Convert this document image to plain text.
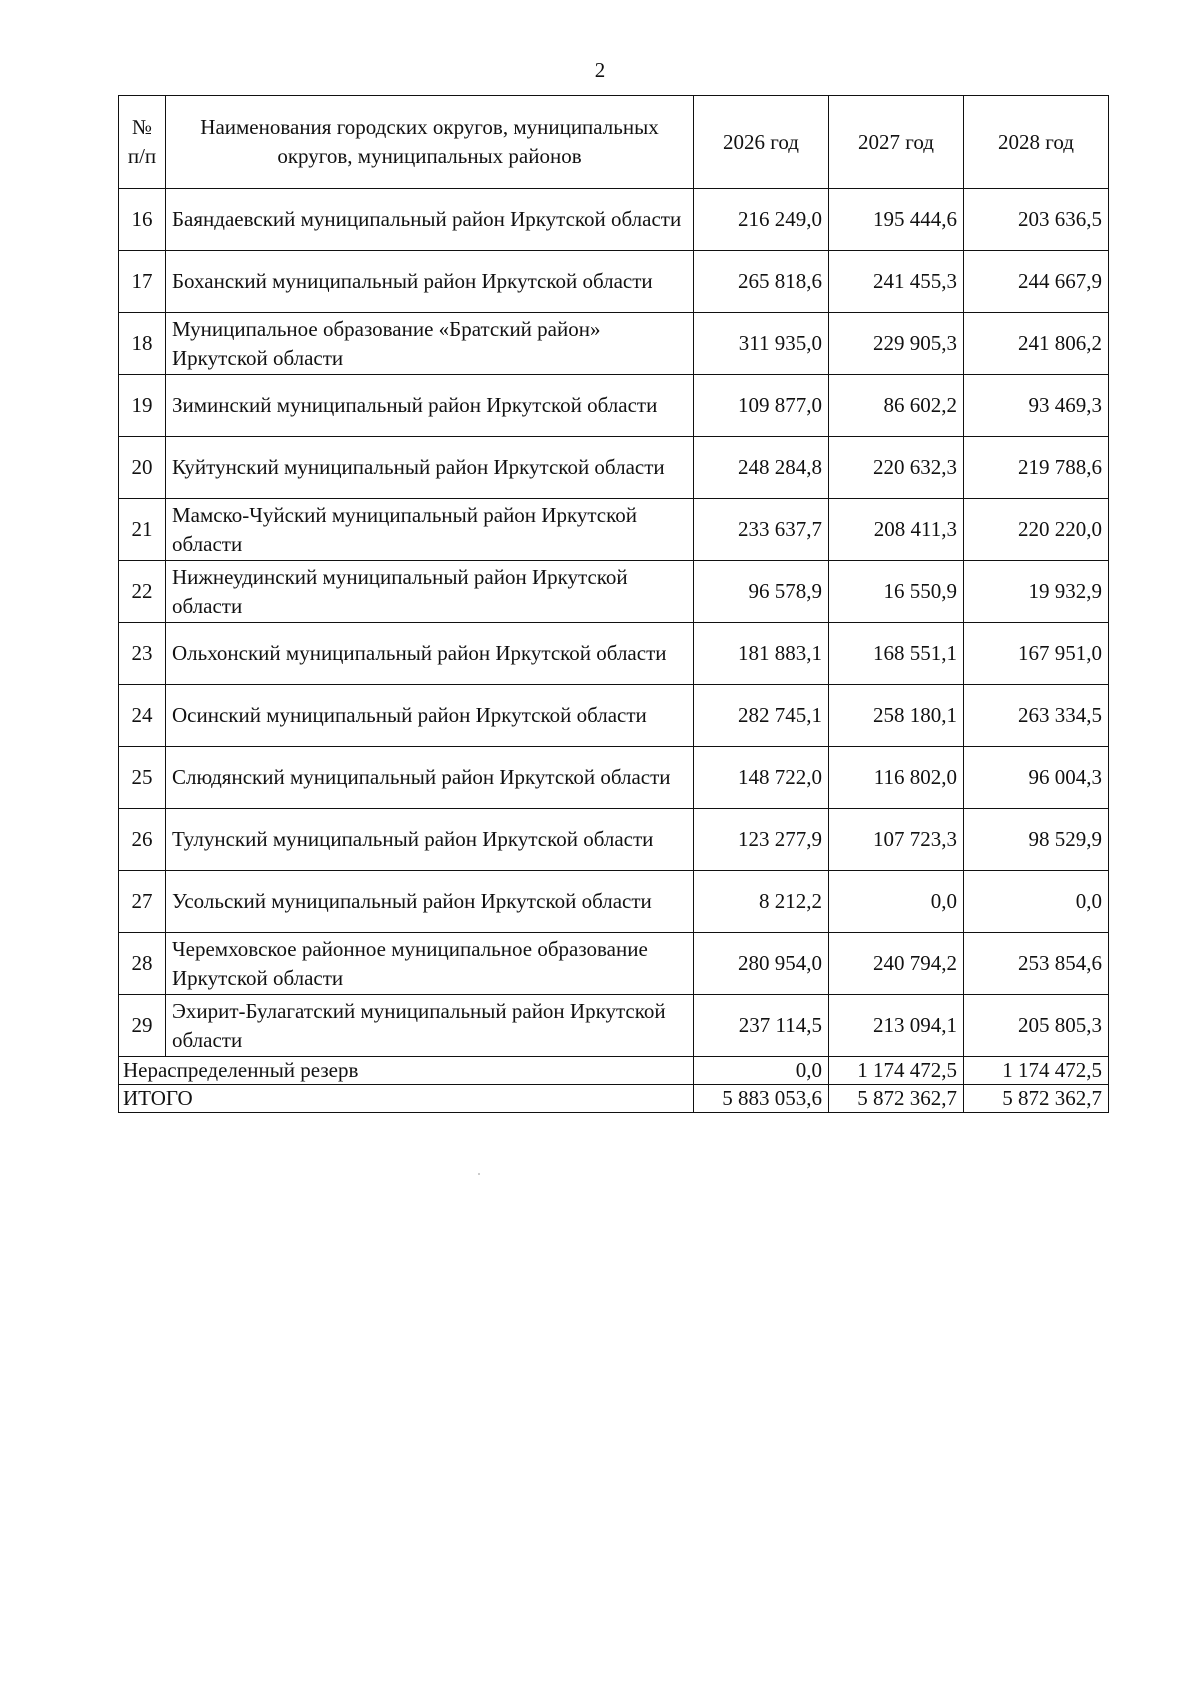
2
№ п/п	Наименования городских округов, муниципальных округов, муниципальных районов	2026 год	2027 год	2028 год
16	Баяндаевский муниципальный район Иркутской области	216 249,0	195 444,6	203 636,5
17	Боханский муниципальный район Иркутской области	265 818,6	241 455,3	244 667,9
18	Муниципальное образование «Братский район» Иркутской области	311 935,0	229 905,3	241 806,2
19	Зиминский муниципальный район Иркутской области	109 877,0	86 602,2	93 469,3
20	Куйтунский муниципальный район Иркутской области	248 284,8	220 632,3	219 788,6
21	Мамско-Чуйский муниципальный район Иркутской области	233 637,7	208 411,3	220 220,0
22	Нижнеудинский муниципальный район Иркутской области	96 578,9	16 550,9	19 932,9
23	Ольхонский муниципальный район Иркутской области	181 883,1	168 551,1	167 951,0
24	Осинский муниципальный район Иркутской области	282 745,1	258 180,1	263 334,5
25	Слюдянский муниципальный район Иркутской области	148 722,0	116 802,0	96 004,3
26	Тулунский муниципальный район Иркутской области	123 277,9	107 723,3	98 529,9
27	Усольский муниципальный район Иркутской области	8 212,2	0,0	0,0
28	Черемховское районное муниципальное образование Иркутской области	280 954,0	240 794,2	253 854,6
29	Эхирит-Булагатский муниципальный район Иркутской области	237 114,5	213 094,1	205 805,3
Нераспределенный резерв		0,0	1 174 472,5	1 174 472,5
ИТОГО		5 883 053,6	5 872 362,7	5 872 362,7
